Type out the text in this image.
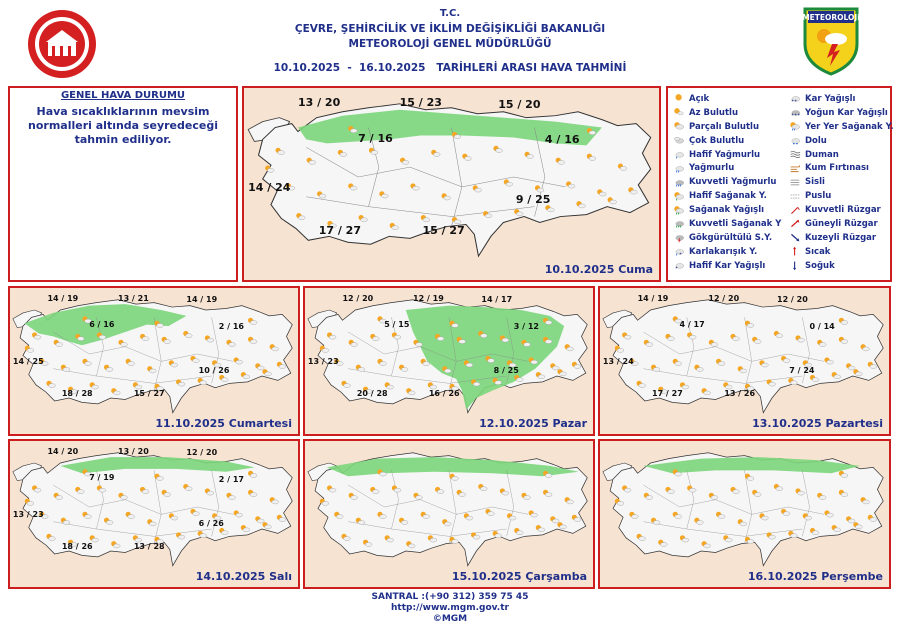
T.C.
ÇEVRE, ŞEHİRCİLİK VE İKLİM DEĞİŞİKLİĞİ BAKANLIĞI
METEOROLOJİ GENEL MÜDÜRLÜĞÜ
10.10.2025  -  16.10.2025   TARİHLERİ ARASI HAVA TAHMİNİ
METEOROLOJi
GENEL HAVA DURUMU

Hava sıcaklıklarının mevsim normalleri altında seyredeceği tahmin ediliyor.

Açık
Az Bulutlu
Parçalı Bulutlu
Çok Bulutlu
Hafif Yağmurlu
Yağmurlu
Kuvvetli Yağmurlu
Hafif Sağanak Y.
Sağanak Yağışlı
Kuvvetli Sağanak Y
Gökgürültülü S.Y.
* Karlakarışık Y.
* Hafif Kar Yağışlı
* * Kar Yağışlı
* * * Yoğun Kar Yağışlı
Yer Yer Sağanak Y.
Dolu
Duman
Kum Fırtınası
Sisli
Puslu
Kuvvetli Rüzgar
Güneyli Rüzgar
Kuzeyli Rüzgar
Sıcak
Soğuk
13 / 20	15 / 23	15 / 20
7 / 16	4 / 16
14 / 24
9 / 25
17 / 27	15 / 27
10.10.2025 Cuma
14 / 19	13 / 21	14 / 19
6 / 16	2 / 16
14 / 25
10 / 26
18 / 28	15 / 27
11.10.2025 Cumartesi
12 / 20	12 / 19	14 / 17
5 / 15	3 / 12
13 / 23
8 / 25
20 / 28	16 / 26
12.10.2025 Pazar
14 / 19	12 / 20	12 / 20
4 / 17	0 / 14
13 / 24
7 / 24
17 / 27	13 / 26
13.10.2025 Pazartesi
14 / 20	13 / 20	12 / 20
7 / 19	2 / 17
13 / 23
6 / 26
18 / 26	13 / 28
14.10.2025 Salı	15.10.2025 Çarşamba	16.10.2025 Perşembe
SANTRAL :(+90 312) 359 75 45
http://www.mgm.gov.tr
©MGM
